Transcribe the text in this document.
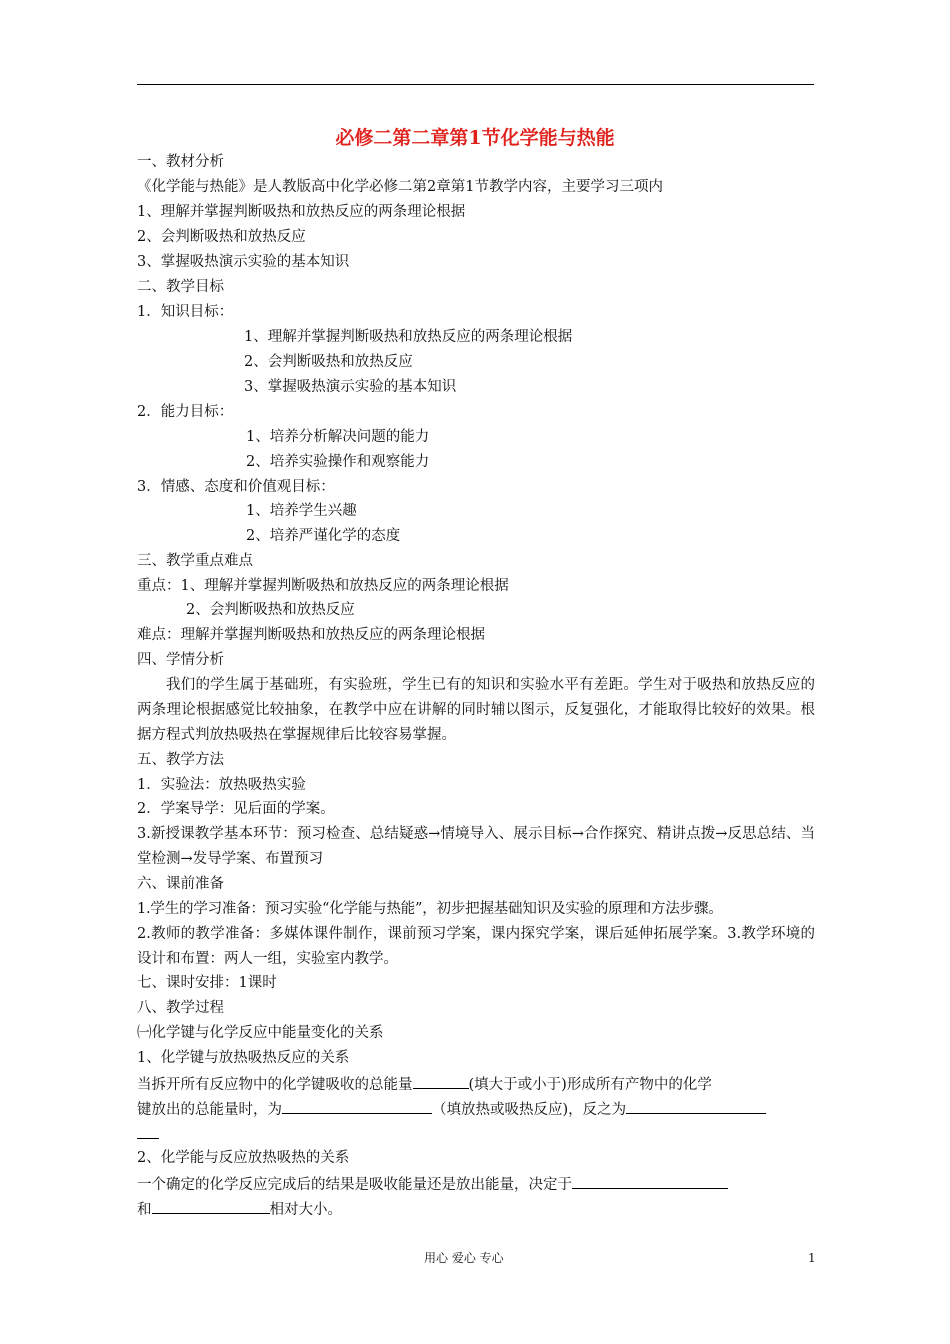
必修二第二章第1节化学能与热能
一、教材分析
《化学能与热能》是人教版高中化学必修二第2章第1节教学内容，主要学习三项内
1、理解并掌握判断吸热和放热反应的两条理论根据
2、会判断吸热和放热反应
3、掌握吸热演示实验的基本知识
二、教学目标
1．知识目标：
1、理解并掌握判断吸热和放热反应的两条理论根据
2、会判断吸热和放热反应
3、掌握吸热演示实验的基本知识
2．能力目标：
1、培养分析解决问题的能力
2、培养实验操作和观察能力
3．情感、态度和价值观目标：
1、培养学生兴趣
2、培养严谨化学的态度
三、教学重点难点
重点：1、理解并掌握判断吸热和放热反应的两条理论根据
2、会判断吸热和放热反应
难点：理解并掌握判断吸热和放热反应的两条理论根据
四、学情分析
我们的学生属于基础班，有实验班，学生已有的知识和实验水平有差距。学生对于吸热和放热反应的两条理论根据感觉比较抽象，在教学中应在讲解的同时辅以图示，反复强化，才能取得比较好的效果。根据方程式判放热吸热在掌握规律后比较容易掌握。
五、教学方法
1．实验法：放热吸热实验
2．学案导学：见后面的学案。
3.新授课教学基本环节：预习检查、总结疑惑→情境导入、展示目标→合作探究、精讲点拨→反思总结、当堂检测→发导学案、布置预习
六、课前准备
1.学生的学习准备：预习实验“化学能与热能”，初步把握基础知识及实验的原理和方法步骤。
2.教师的教学准备：多媒体课件制作，课前预习学案，课内探究学案，课后延伸拓展学案。3.教学环境的设计和布置：两人一组，实验室内教学。
七、课时安排：1课时
八、教学过程
㈠化学键与化学反应中能量变化的关系
1、化学键与放热吸热反应的关系
当拆开所有反应物中的化学键吸收的总能量	(填大于或小于)形成所有产物中的化学
键放出的总能量时，为	（填放热或吸热反应)，反之为
2、化学能与反应放热吸热的关系
一个确定的化学反应完成后的结果是吸收能量还是放出能量，决定于
和	相对大小。
用心 爱心 专心	1
